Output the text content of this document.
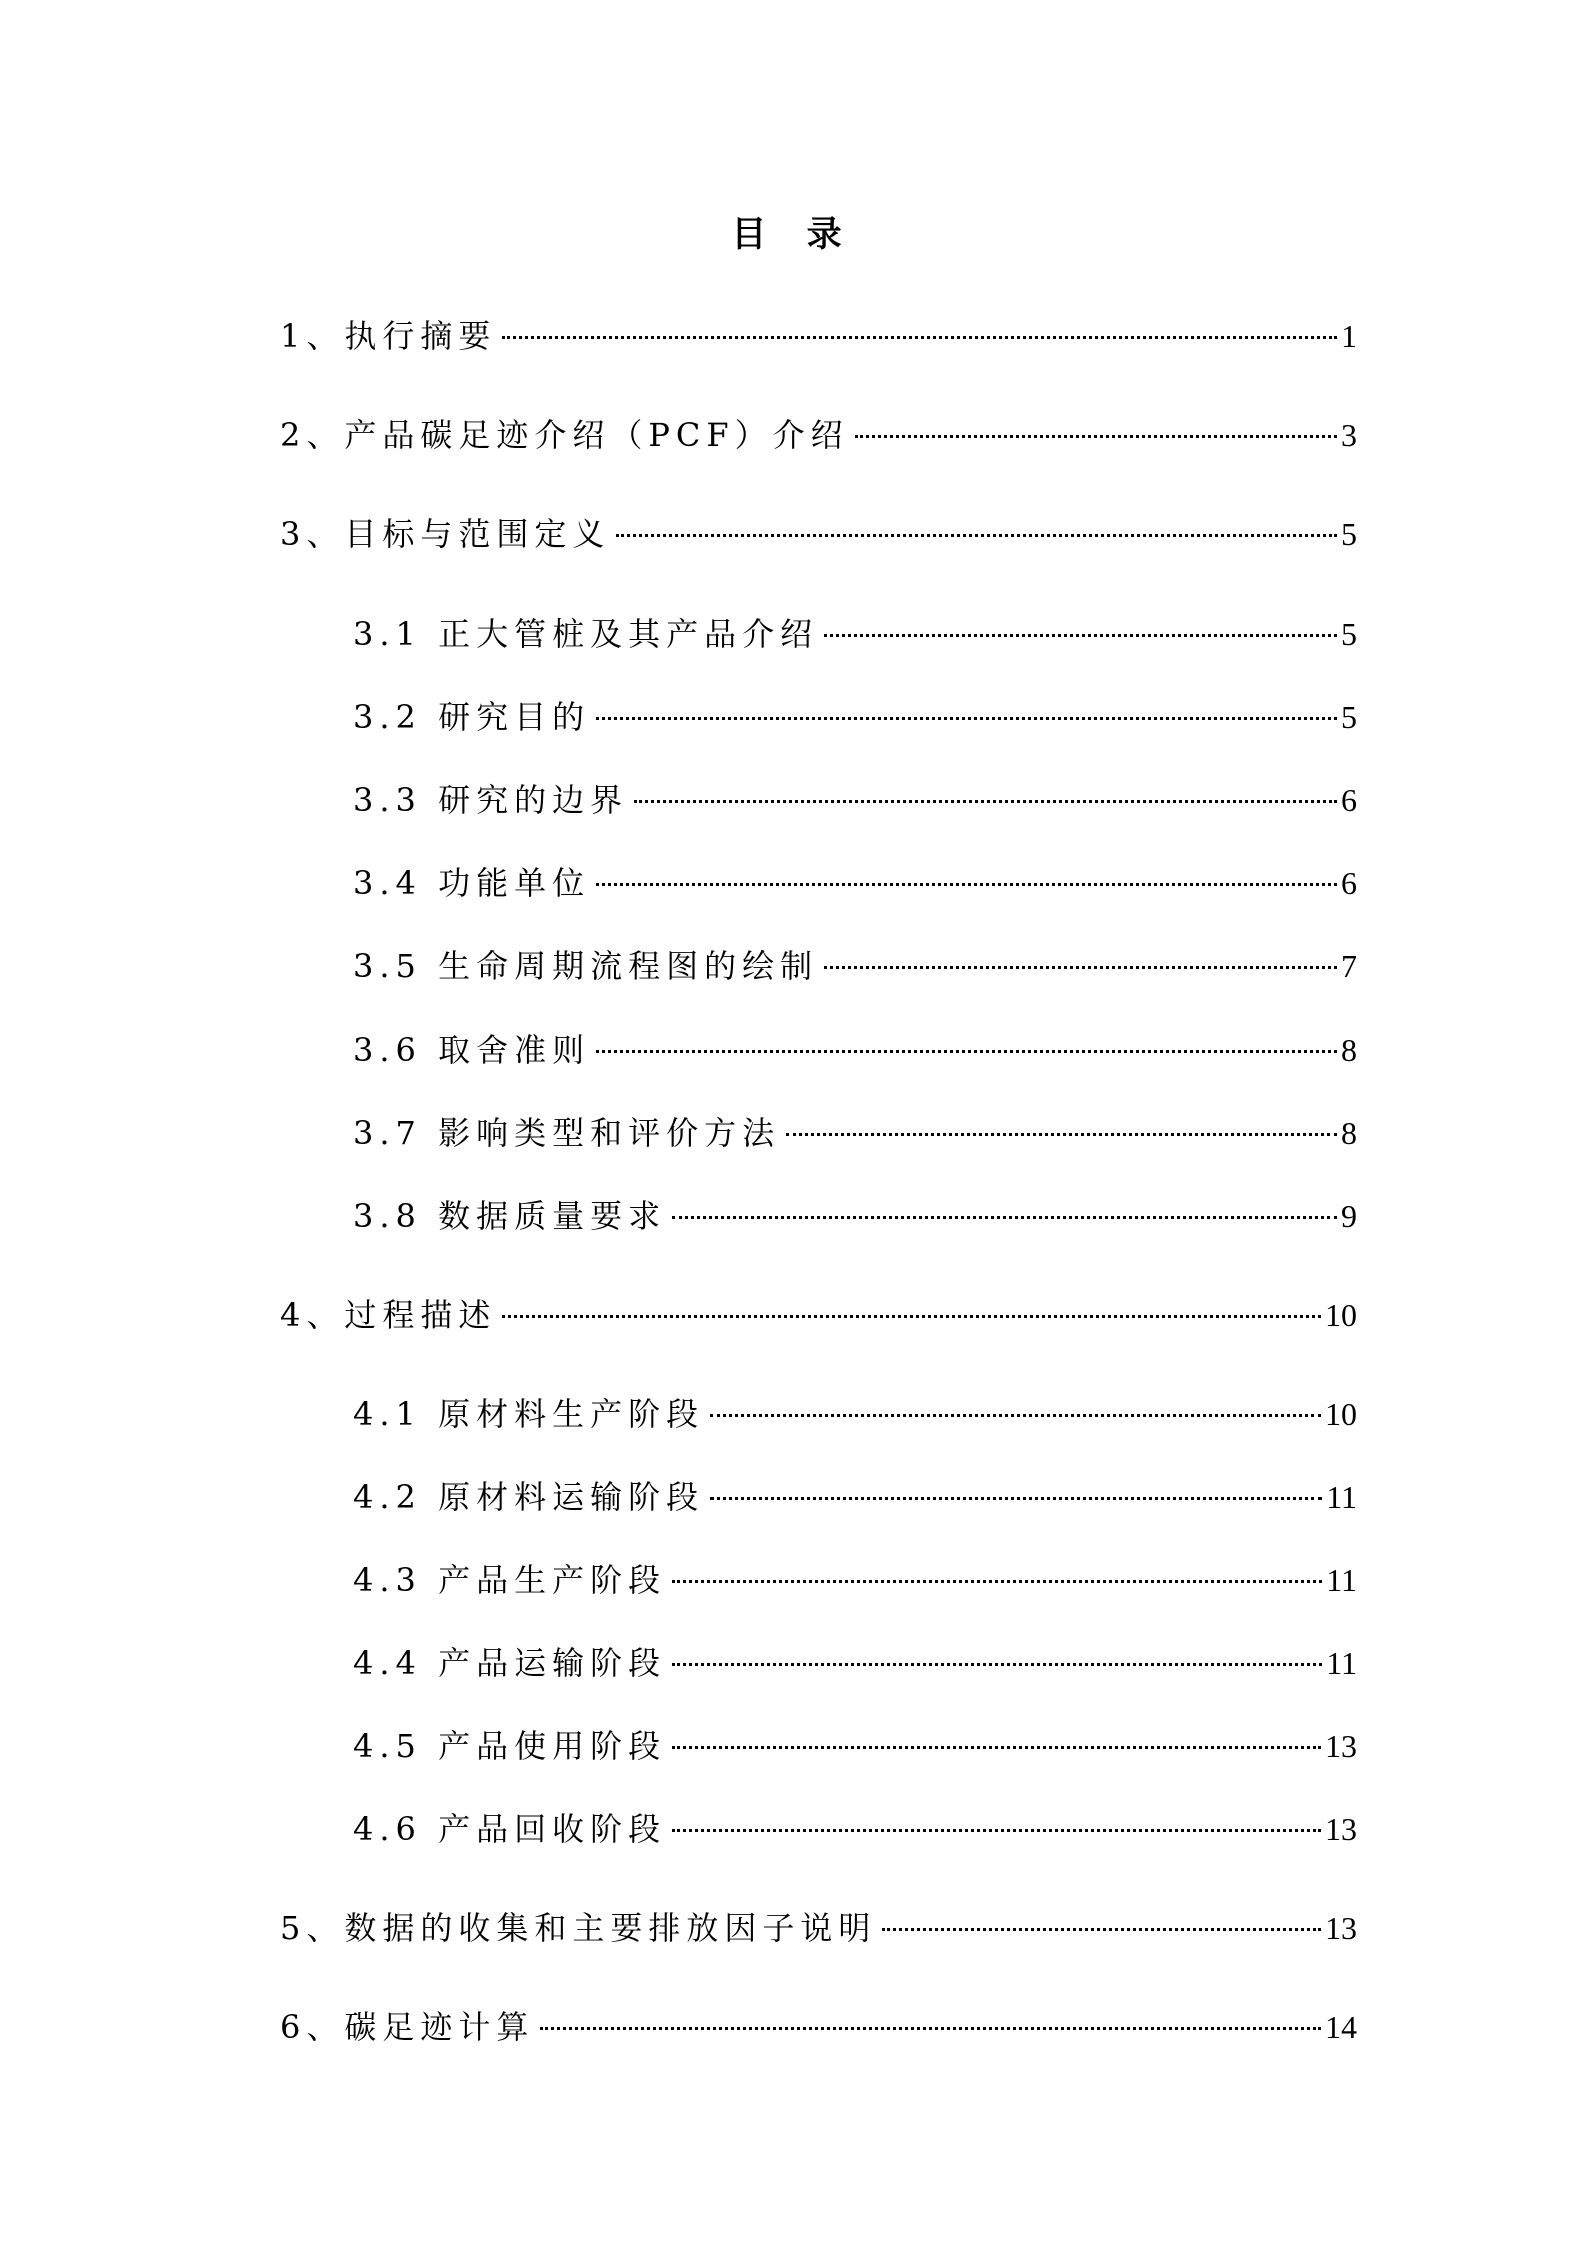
目 录
1、执行摘要	1
2、产品碳足迹介绍（PCF）介绍	3
3、目标与范围定义	5
3.1 正大管桩及其产品介绍	5
3.2 研究目的	5
3.3 研究的边界	6
3.4 功能单位	6
3.5 生命周期流程图的绘制	7
3.6 取舍准则	8
3.7 影响类型和评价方法	8
3.8 数据质量要求	9
4、过程描述	10
4.1 原材料生产阶段	10
4.2 原材料运输阶段	11
4.3 产品生产阶段	11
4.4 产品运输阶段	11
4.5 产品使用阶段	13
4.6 产品回收阶段	13
5、数据的收集和主要排放因子说明	13
6、碳足迹计算	14
